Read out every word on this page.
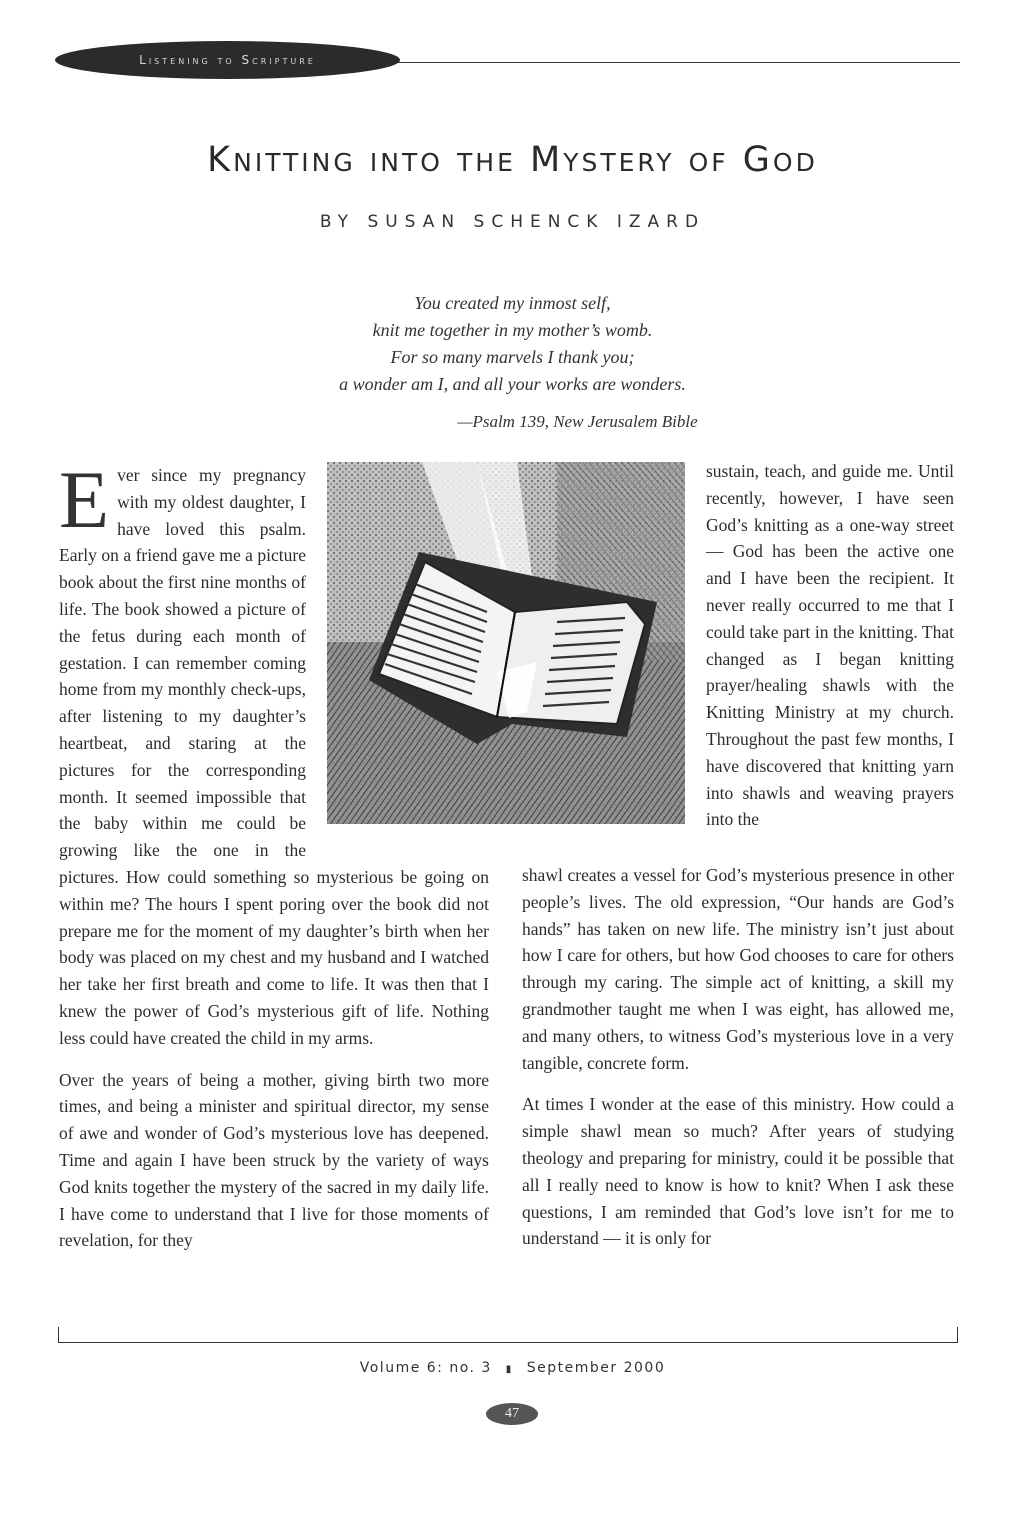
Listening to Scripture
Knitting into the Mystery of God
BY SUSAN SCHENCK IZARD
You created my inmost self,
knit me together in my mother’s womb.
For so many marvels I thank you;
a wonder am I, and all your works are wonders.
—Psalm 139, New Jerusalem Bible

Ever since my pregnancy with my oldest daughter, I have loved this psalm. Early on a friend gave me a picture book about the first nine months of life. The book showed a picture of the fetus during each month of gestation. I can remember coming home from my monthly check-ups, after listening to my daughter’s heartbeat, and staring at the pictures for the corresponding month. It seemed impossible that the baby within me could be growing like the one in the pictures. How could something so mysterious be going on within me? The hours I spent poring over the book did not prepare me for the moment of my daughter’s birth when her body was placed on my chest and my husband and I watched her take her first breath and come to life. It was then that I knew the power of God’s mysterious gift of life. Nothing less could have created the child in my arms.

Over the years of being a mother, giving birth two more times, and being a minister and spiritual director, my sense of awe and wonder of God’s mysterious love has deepened. Time and again I have been struck by the variety of ways God knits together the mystery of the sacred in my daily life. I have come to understand that I live for those moments of revelation, for they

sustain, teach, and guide me. Until recently, however, I have seen God’s knitting as a one-way street — God has been the active one and I have been the recipient. It never really occurred to me that I could take part in the knitting. That changed as I began knitting prayer/healing shawls with the Knitting Ministry at my church. Throughout the past few months, I have discovered that knitting yarn into shawls and weaving prayers into the

shawl creates a vessel for God’s mysterious presence in other people’s lives. The old expression, “Our hands are God’s hands” has taken on new life. The ministry isn’t just about how I care for others, but how God chooses to care for others through my caring. The simple act of knitting, a skill my grandmother taught me when I was eight, has allowed me, and many others, to witness God’s mysterious love in a very tangible, concrete form.

At times I wonder at the ease of this ministry. How could a simple shawl mean so much? After years of studying theology and preparing for ministry, could it be possible that all I really need to know is how to knit? When I ask these questions, I am reminded that God’s love isn’t for me to understand — it is only for

Volume 6: no. 3 ▮ September 2000
47
